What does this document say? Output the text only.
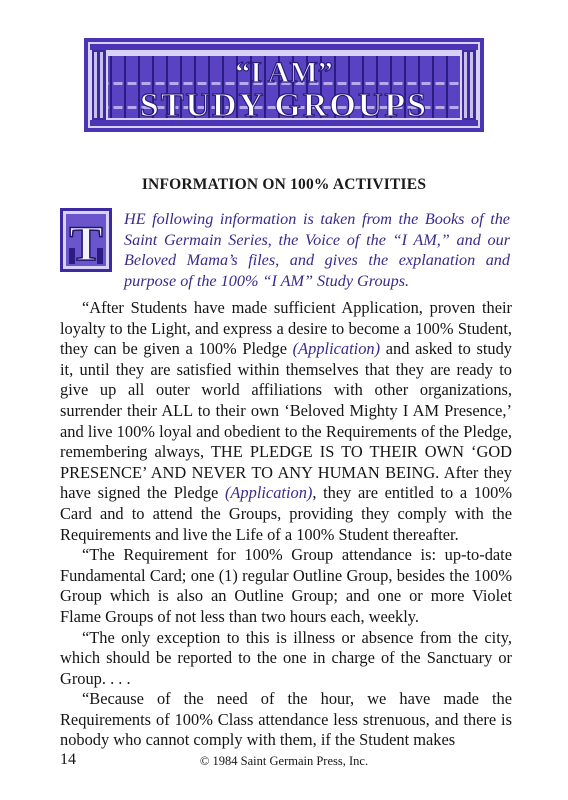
“I AM”
STUDY GROUPS
INFORMATION ON 100% ACTIVITIES
T HE following information is taken from the Books of the Saint Germain Series, the Voice of the “I AM,” and our Beloved Mama’s files, and gives the explanation and purpose of the 100% “I AM” Study Groups.

“After Students have made sufficient Application, proven their loyalty to the Light, and express a desire to become a 100% Student, they can be given a 100% Pledge (Application) and asked to study it, until they are satisfied within themselves that they are ready to give up all outer world affiliations with other organizations, surrender their ALL to their own ‘Beloved Mighty I AM Presence,’ and live 100% loyal and obedient to the Requirements of the Pledge, remembering always, THE PLEDGE IS TO THEIR OWN ‘GOD PRESENCE’ AND NEVER TO ANY HUMAN BEING. After they have signed the Pledge (Application), they are entitled to a 100% Card and to attend the Groups, providing they comply with the Requirements and live the Life of a 100% Student thereafter.

“The Requirement for 100% Group attendance is: up-to-date Fundamental Card; one (1) regular Outline Group, besides the 100% Group which is also an Outline Group; and one or more Violet Flame Groups of not less than two hours each, weekly.

“The only exception to this is illness or absence from the city, which should be reported to the one in charge of the Sanctuary or Group. . . .

“Because of the need of the hour, we have made the Requirements of 100% Class attendance less strenuous, and there is nobody who cannot comply with them, if the Student makes

14	© 1984 Saint Germain Press, Inc.
